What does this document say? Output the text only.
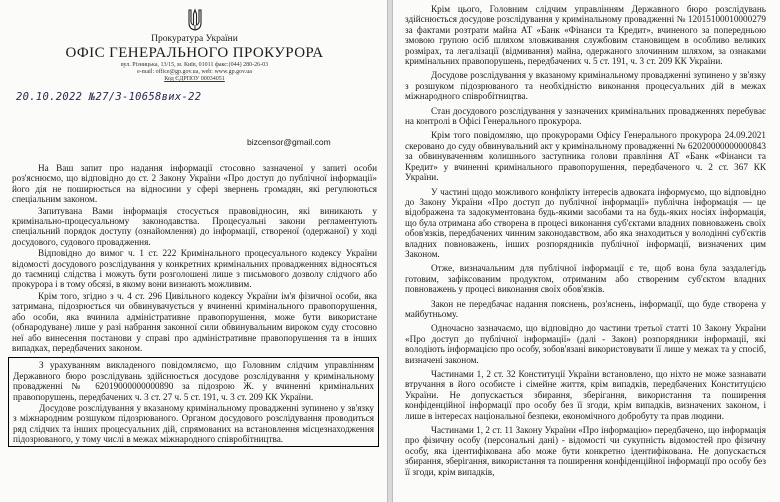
Прокуратура України
ОФІС ГЕНЕРАЛЬНОГО ПРОКУРОРА
вул. Різницька, 13/15, м. Київ, 01011 факс:(044) 280-26-03
e-mail: office@gp.gov.ua, web: www.gp.gov.ua
Код ЄДРПОУ 00034051
20.10.2022 №27/3-10658вих-22
bizcensor@gmail.com

На Ваш запит про надання інформації стосовно зазначеної у запиті особи роз'яснюємо, що відповідно до ст. 2 Закону України «Про доступ до публічної інформації» його дія не поширюється на відносини у сфері звернень громадян, які регулюються спеціальним законом.

Запитувана Вами інформація стосується правовідносин, які виникають у кримінально-процесуальному законодавства. Процесуальні закони регламентують спеціальний порядок доступу (ознайомлення) до інформації, створеної (одержаної) у ході досудового, судового провадження.

Відповідно до вимог ч. 1 ст. 222 Кримінального процесуального кодексу України відомості досудового розслідування у конкретних кримінальних провадженнях відносяться до таємниці слідства і можуть бути розголошені лише з письмового дозволу слідчого або прокурора і в тому обсязі, в якому вони визнають можливим.

Крім того, згідно з ч. 4 ст. 296 Цивільного кодексу України ім'я фізичної особи, яка затримана, підозрюється чи обвинувачується у вчиненні кримінального правопорушення, або особи, яка вчинила адміністративне правопорушення, може бути використане (обнародуване) лише у разі набрання законної сили обвинувальним вироком суду стосовно неї або винесення постанови у справі про адміністративне правопорушення та в інших випадках, передбачених законом.

З урахуванням викладеного повідомляємо, що Головним слідчим управлінням Державного бюро розслідувань здійснюється досудове розслідування у кримінальному провадженні № 62019000000000890 за підозрою Ж. у вчиненні кримінальних правопорушень, передбачених ч. 3 ст. 27 ч. 5 ст. 191, ч. 3 ст. 209 КК України.

Досудове розслідування у вказаному кримінальному провадженні зупинено у зв'язку з міжнародним розшуком підозрюваного. Органом досудового розслідування проводиться ряд слідчих та інших процесуальних дій, спрямованих на встановлення місцезнаходження підозрюваного, у тому числі в межах міжнародного співробітництва.

Крім цього, Головним слідчим управлінням Державного бюро розслідувань здійснюється досудове розслідування у кримінальному провадженні № 12015100010000279 за фактами розтрати майна АТ «Банк «Фінанси та Кредит», вчиненого за попередньою змовою групою осіб шляхом зловживання службовим становищем в особливо великих розмірах, та легалізації (відмивання) майна, одержаного злочинним шляхом, за ознаками кримінальних правопорушень, передбачених ч. 5 ст. 191, ч. 3 ст. 209 КК України.

Досудове розслідування у вказаному кримінальному провадженні зупинено у зв'язку з розшуком підозрюваного та необхідністю виконання процесуальних дій в межах міжнародного співробітництва.

Стан досудового розслідування у зазначених кримінальних провадженнях перебуває на контролі в Офісі Генерального прокурора.

Крім того повідомляю, що прокурорами Офісу Генерального прокурора 24.09.2021 скеровано до суду обвинувальний акт у кримінальному провадженні № 62020000000000843 за обвинуваченням колишнього заступника голови правління АТ «Банк «Фінанси та Кредит» у вчиненні кримінального правопорушення, передбаченого ч. 2 ст. 367 КК України.

У частині щодо можливого конфлікту інтересів адвоката інформуємо, що відповідно до Закону України «Про доступ до публічної інформації» публічна інформація — це відображена та задокументована будь-якими засобами та на будь-яких носіях інформація, що була отримана або створена в процесі виконання суб'єктами владних повноважень своїх обов'язків, передбачених чинним законодавством, або яка знаходиться у володінні суб'єктів владних повноважень, інших розпорядників публічної інформації, визначених цим Законом.

Отже, визначальним для публічної інформації є те, щоб вона була заздалегідь готовим, зафіксованим продуктом, отриманим або створеним суб'єктом владних повноважень у процесі виконання своїх обов'язків.

Закон не передбачає надання пояснень, роз'яснень, інформації, що буде створена у майбутньому.

Одночасно зазначаємо, що відповідно до частини третьої статті 10 Закону України «Про доступ до публічної інформації» (далі - Закон) розпорядники інформації, які володіють інформацією про особу, зобов'язані використовувати її лише у межах та у спосіб, визначені законом.

Частинами 1, 2 ст. 32 Конституції України встановлено, що ніхто не може зазнавати втручання в його особисте і сімейне життя, крім випадків, передбачених Конституцією України. Не допускається збирання, зберігання, використання та поширення конфіденційної інформації про особу без її згоди, крім випадків, визначених законом, і лише в інтересах національної безпеки, економічного добробуту та прав людини.

Частинами 1, 2 ст. 11 Закону України «Про інформацію» передбачено, що інформація про фізичну особу (персональні дані) - відомості чи сукупність відомостей про фізичну особу, яка ідентифікована або може бути конкретно ідентифікована. Не допускається збирання, зберігання, використання та поширення конфіденційної інформації про особу без її згоди, крім випадків,
